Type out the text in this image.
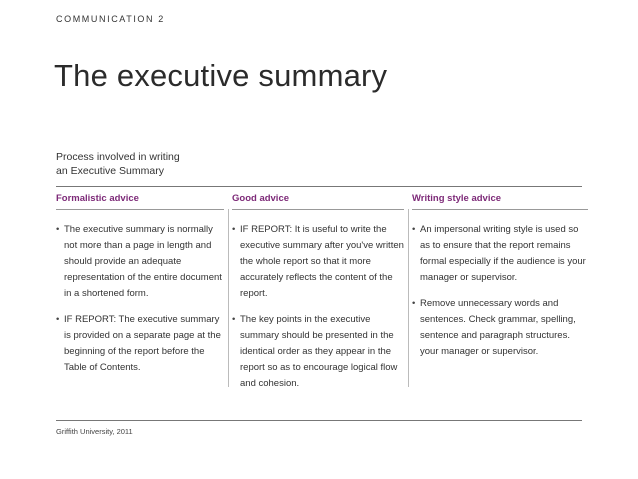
COMMUNICATION 2
The executive summary
Process involved in writing
an Executive Summary
Formalistic advice
• The executive summary is normally not more than a page in length and should provide an adequate representation of the entire document in a shortened form.
• IF REPORT: The executive summary is provided on a separate page at the beginning of the report before the Table of Contents.
Good advice
• IF REPORT: It is useful to write the executive summary after you've written the whole report so that it more accurately reflects the content of the report.
• The key points in the executive summary should be presented in the identical order as they appear in the report so as to encourage logical flow and cohesion.
Writing style advice
• An impersonal writing style is used so as to ensure that the report remains formal especially if the audience is your manager or supervisor.
• Remove unnecessary words and sentences. Check grammar, spelling, sentence and paragraph structures. your manager or supervisor.
Griffith University, 2011
